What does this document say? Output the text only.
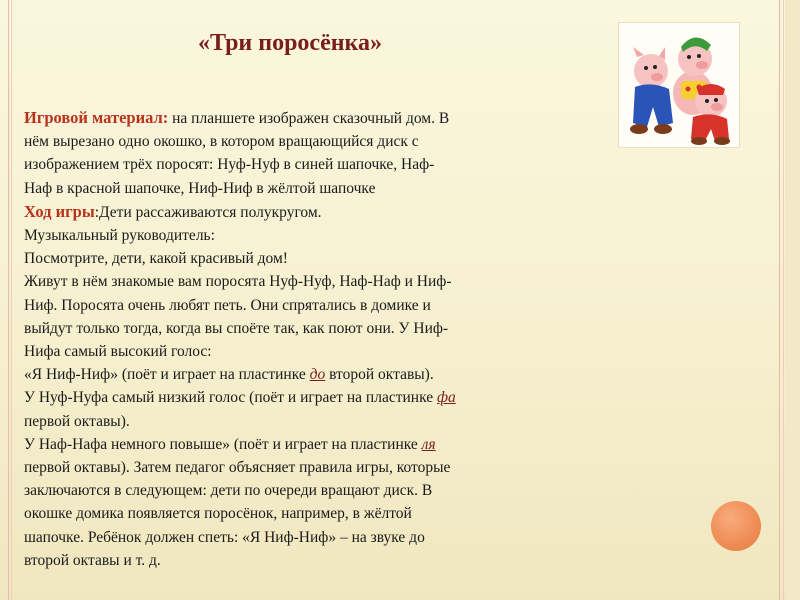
«Три поросёнка»
Игровой материал: на планшете изображен сказочный дом. В
нём вырезано одно окошко, в котором вращающийся диск с
изображением трёх поросят: Нуф-Нуф в синей шапочке, Наф-
Наф в красной шапочке, Ниф-Ниф в жёлтой шапочке
Ход игры:Дети рассаживаются полукругом.
Музыкальный руководитель:
Посмотрите, дети, какой красивый дом!
Живут в нём знакомые вам поросята Нуф-Нуф, Наф-Наф и Ниф-
Ниф. Поросята очень любят петь. Они спрятались в домике и
выйдут только тогда, когда вы споёте так, как поют они. У Ниф-
Нифа самый высокий голос:
«Я Ниф-Ниф» (поёт и играет на пластинке до второй октавы).
У Нуф-Нуфа самый низкий голос (поёт и играет на пластинке фа
первой октавы).
У Наф-Нафа немного повыше» (поёт и играет на пластинке ля
первой октавы). Затем педагог объясняет правила игры, которые
заключаются в следующем: дети по очереди вращают диск. В
окошке домика появляется поросёнок, например, в жёлтой
шапочке. Ребёнок должен спеть: «Я Ниф-Ниф» – на звуке до
второй октавы и т. д.
